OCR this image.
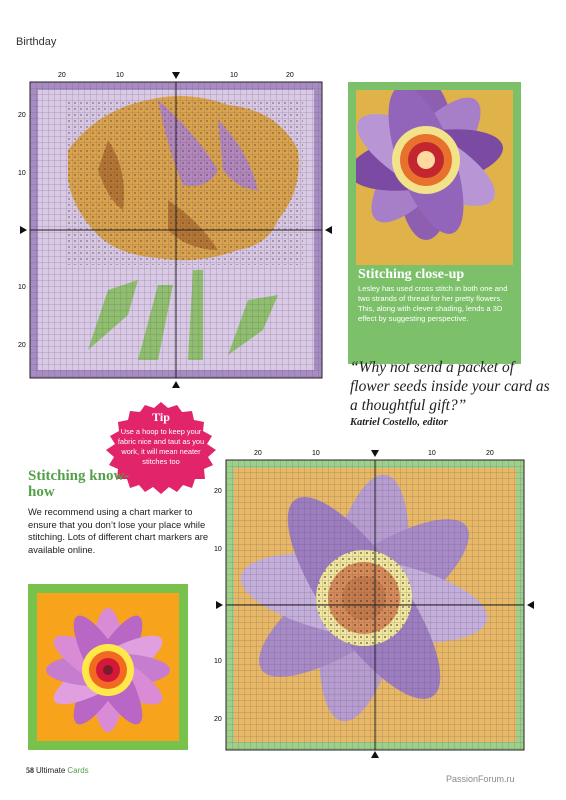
Birthday
20	10	10	20
20
10
10
20
Stitching close-up

Lesley has used cross stitch in both one and two strands of thread for her pretty flowers. This, along with clever shading, lends a 3D effect by suggesting perspective.

“Why not send a packet of flower seeds inside your card as a thoughtful gift?”
Katriel Costello, editor
Tip
Use a hoop to keep your fabric nice and taut as you work, it will mean neater stitches too
Stitching know-how
We recommend using a chart marker to ensure that you don’t lose your place while stitching. Lots of different chart markers are available online.
20	10	10	20
20
10
10
20
58 Ultimate Cards
PassionForum.ru
